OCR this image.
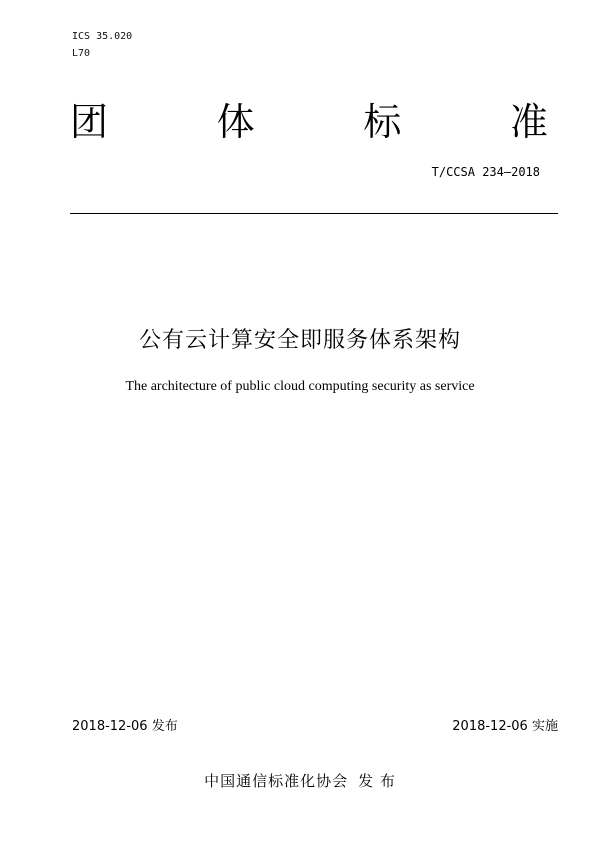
ICS 35.020
L70
团	体	标	准
T/CCSA 234—2018
公有云计算安全即服务体系架构
The architecture of public cloud computing security as service
2018-12-06 发布	2018-12-06 实施
中国通信标准化协会 发 布
